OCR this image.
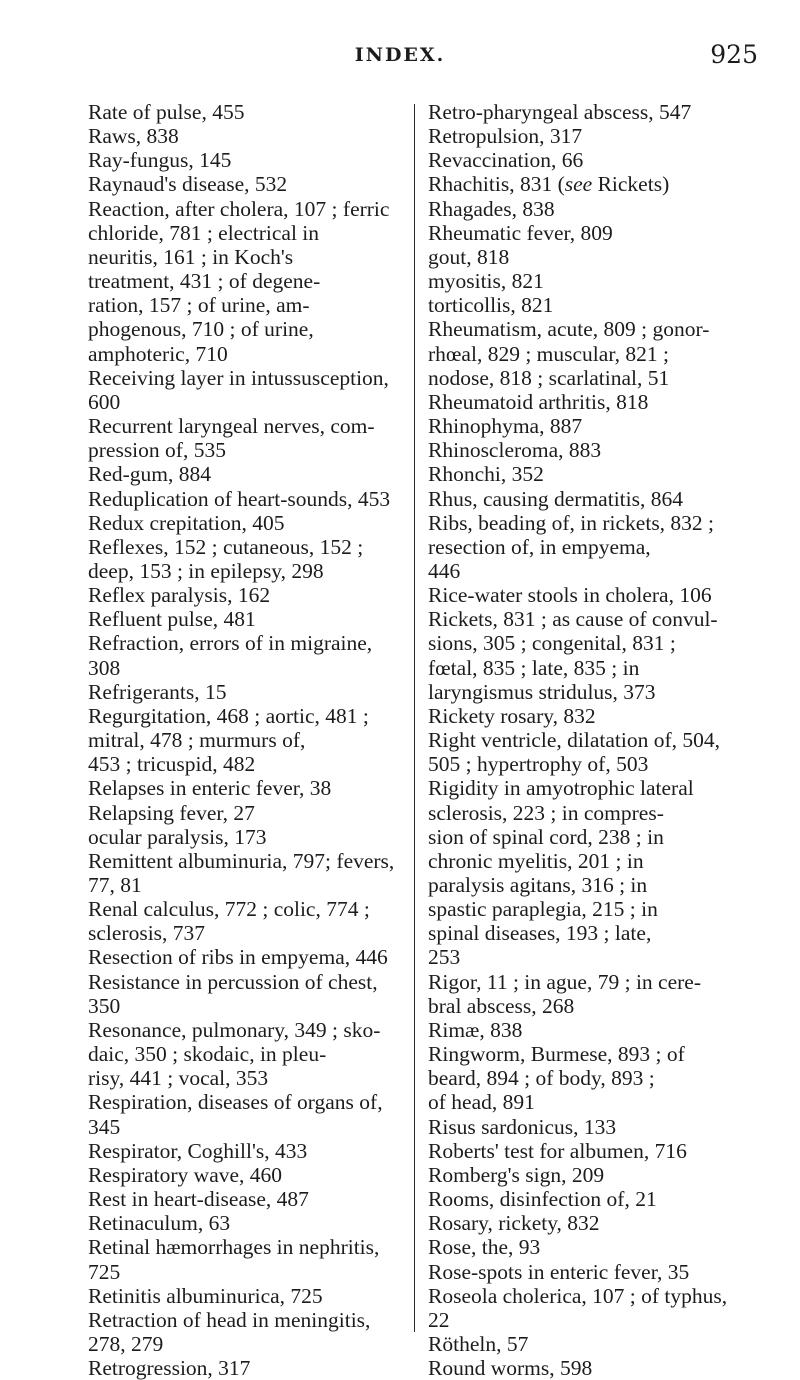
INDEX.	925

Rate of pulse, 455

Raws, 838

Ray-fungus, 145

Raynaud's disease, 532

Reaction, after cholera, 107 ; ferric
chloride, 781 ; electrical in
neuritis, 161 ; in Koch's
treatment, 431 ; of degene-
ration, 157 ; of urine, am-
phogenous, 710 ; of urine,
amphoteric, 710

Receiving layer in intussusception,
600

Recurrent laryngeal nerves, com-
pression of, 535

Red-gum, 884

Reduplication of heart-sounds, 453

Redux crepitation, 405

Reflexes, 152 ; cutaneous, 152 ;
deep, 153 ; in epilepsy, 298

Reflex paralysis, 162

Refluent pulse, 481

Refraction, errors of in migraine,
308

Refrigerants, 15

Regurgitation, 468 ; aortic, 481 ;
mitral, 478 ; murmurs of,
453 ; tricuspid, 482

Relapses in enteric fever, 38

Relapsing fever, 27

ocular paralysis, 173

Remittent albuminuria, 797; fevers,
77, 81

Renal calculus, 772 ; colic, 774 ;
sclerosis, 737

Resection of ribs in empyema, 446

Resistance in percussion of chest,
350

Resonance, pulmonary, 349 ; sko-
daic, 350 ; skodaic, in pleu-
risy, 441 ; vocal, 353

Respiration, diseases of organs of,
345

Respirator, Coghill's, 433

Respiratory wave, 460

Rest in heart-disease, 487

Retinaculum, 63

Retinal hæmorrhages in nephritis,
725

Retinitis albuminurica, 725

Retraction of head in meningitis,
278, 279

Retrogression, 317

Retro-pharyngeal abscess, 547

Retropulsion, 317

Revaccination, 66

Rhachitis, 831 (see Rickets)

Rhagades, 838

Rheumatic fever, 809

gout, 818

myositis, 821

torticollis, 821

Rheumatism, acute, 809 ; gonor-
rhœal, 829 ; muscular, 821 ;
nodose, 818 ; scarlatinal, 51

Rheumatoid arthritis, 818

Rhinophyma, 887

Rhinoscleroma, 883

Rhonchi, 352

Rhus, causing dermatitis, 864

Ribs, beading of, in rickets, 832 ;
resection of, in empyema,
446

Rice-water stools in cholera, 106

Rickets, 831 ; as cause of convul-
sions, 305 ; congenital, 831 ;
fœtal, 835 ; late, 835 ; in
laryngismus stridulus, 373

Rickety rosary, 832

Right ventricle, dilatation of, 504,
505 ; hypertrophy of, 503

Rigidity in amyotrophic lateral
sclerosis, 223 ; in compres-
sion of spinal cord, 238 ; in
chronic myelitis, 201 ; in
paralysis agitans, 316 ; in
spastic paraplegia, 215 ; in
spinal diseases, 193 ; late,
253

Rigor, 11 ; in ague, 79 ; in cere-
bral abscess, 268

Rimæ, 838

Ringworm, Burmese, 893 ; of
beard, 894 ; of body, 893 ;
of head, 891

Risus sardonicus, 133

Roberts' test for albumen, 716

Romberg's sign, 209

Rooms, disinfection of, 21

Rosary, rickety, 832

Rose, the, 93

Rose-spots in enteric fever, 35

Roseola cholerica, 107 ; of typhus,
22

Rötheln, 57

Round worms, 598
